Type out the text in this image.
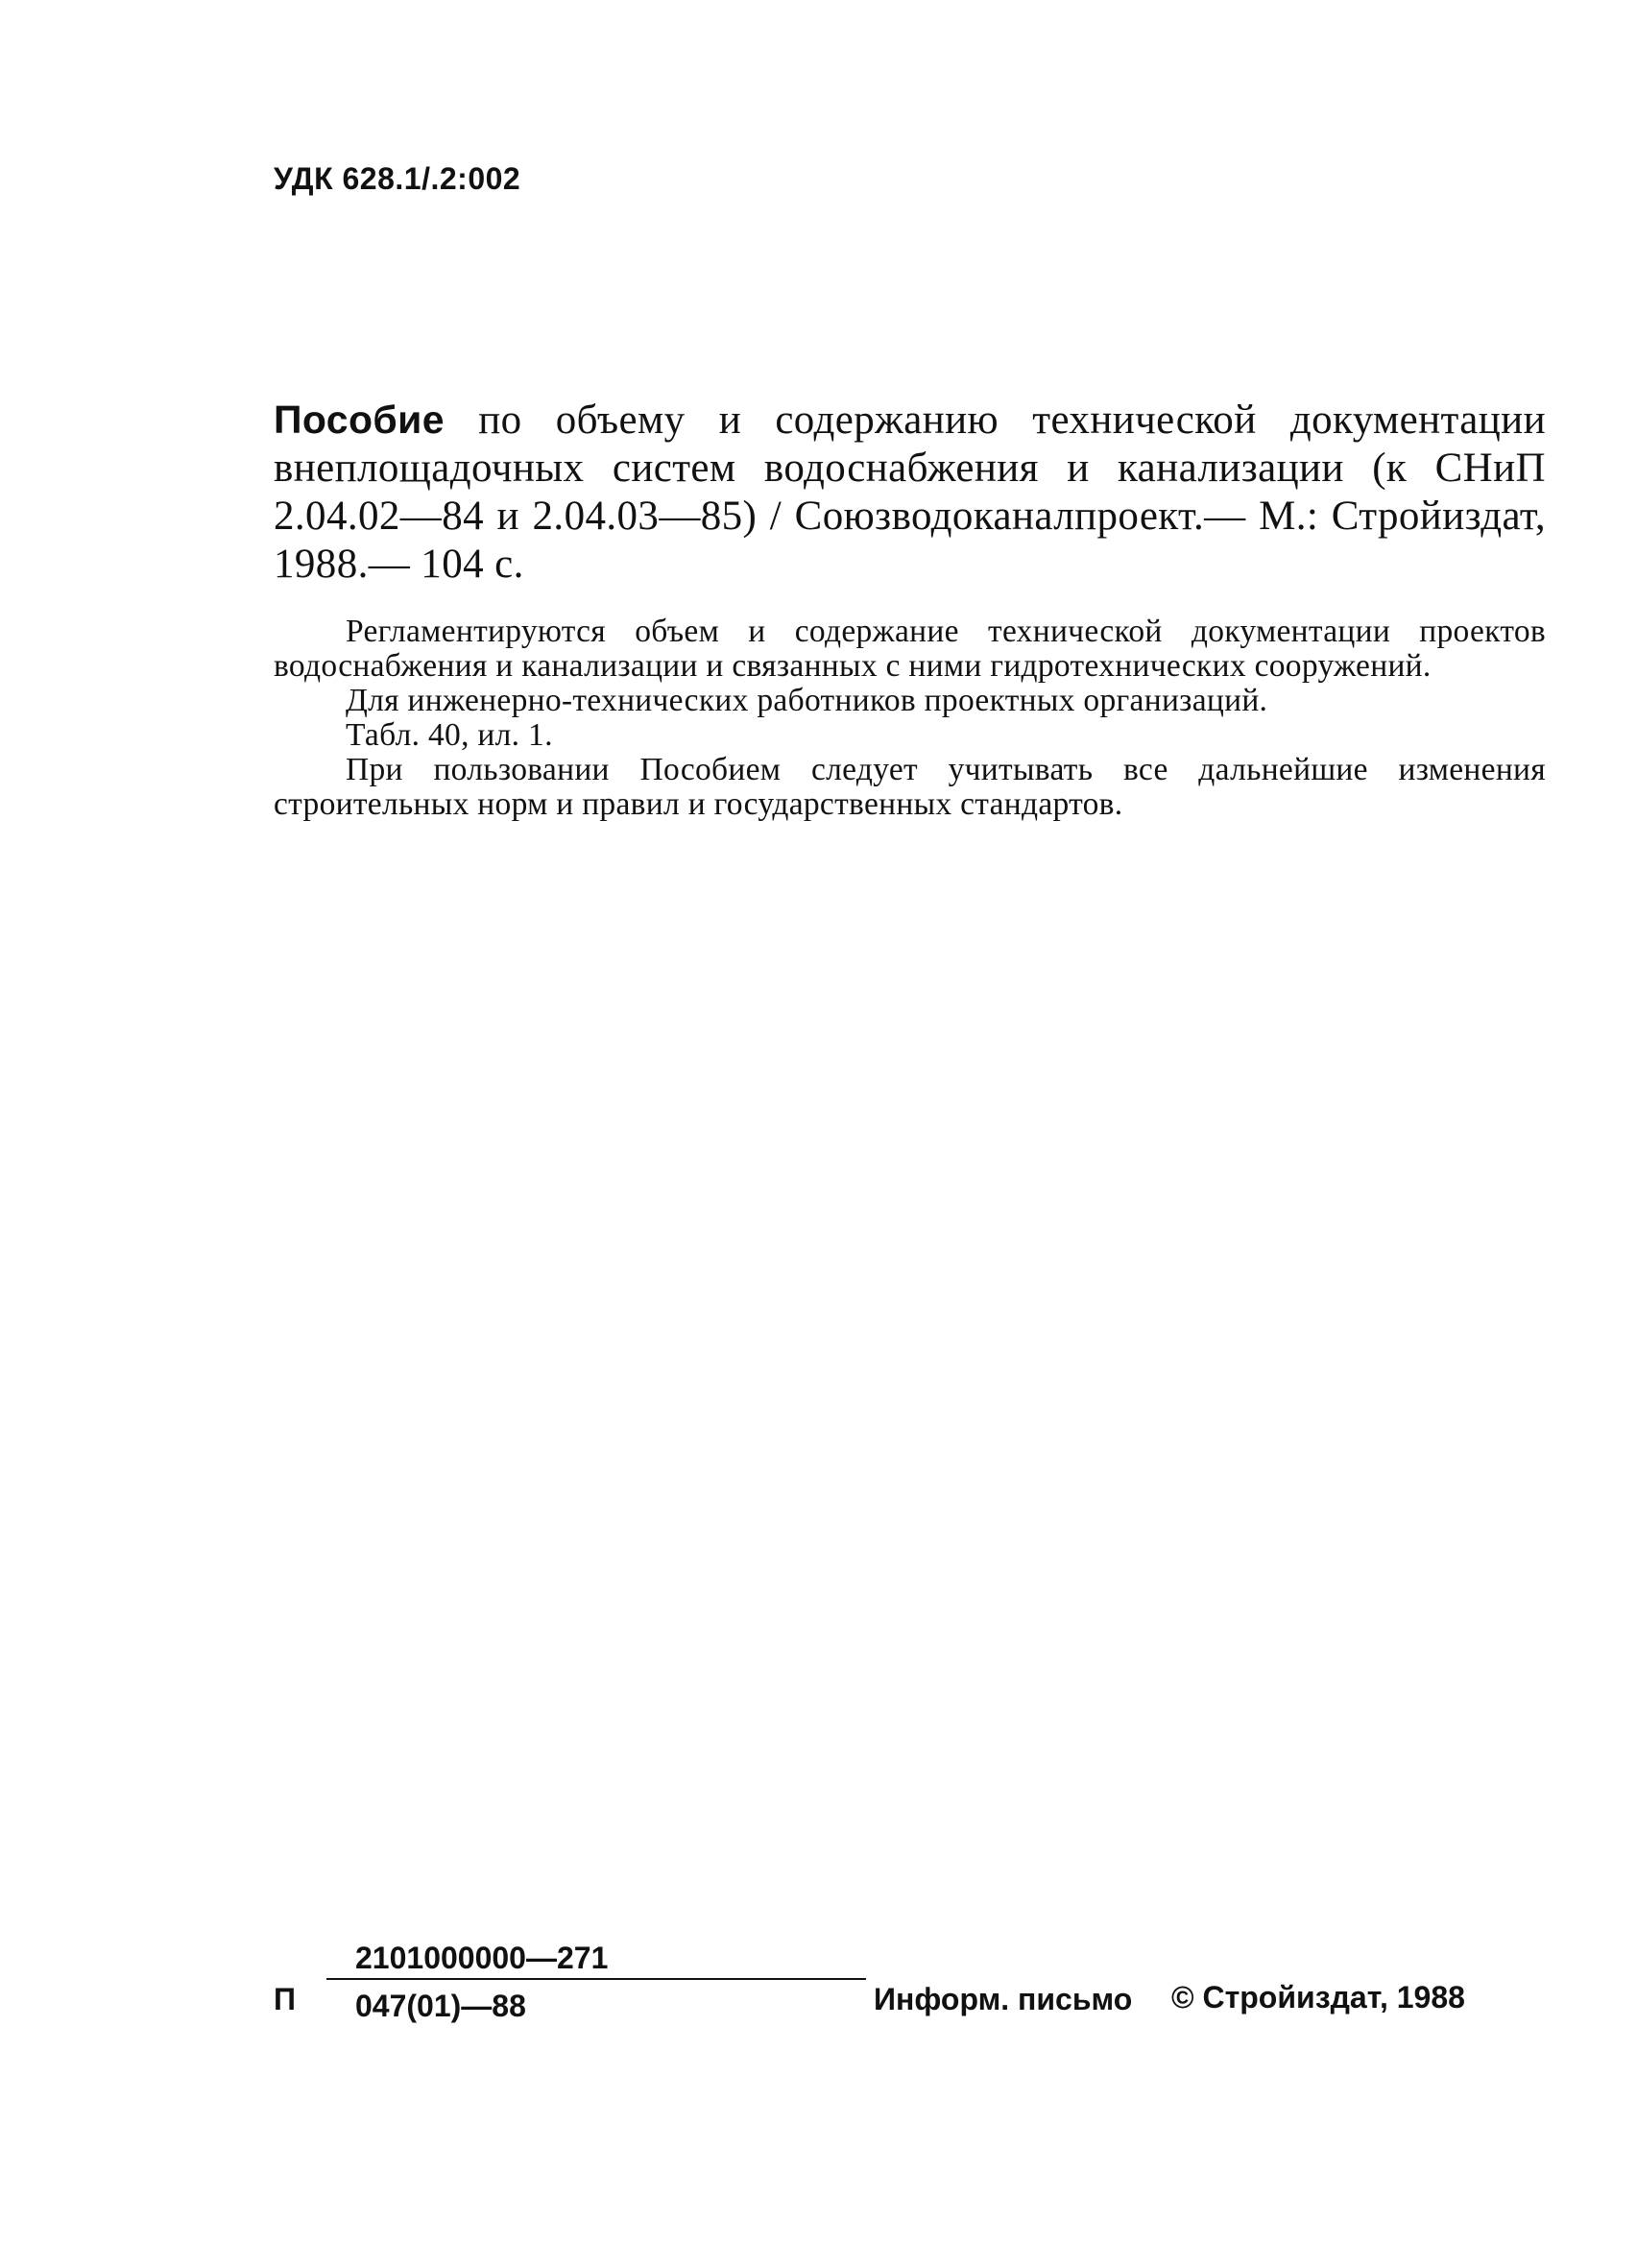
УДК 628.1/.2:002
Пособие по объему и содержанию технической документации внеплощадочных систем водоснабжения и канализации (к СНиП 2.04.02—84 и 2.04.03—85) / Союзводоканалпроект.— М.: Стройиздат, 1988.— 104 с.

Регламентируются объем и содержание технической документации проектов водоснабжения и канализации и связанных с ними гидротехнических сооружений.

Для инженерно-технических работников проектных организаций.

Табл. 40, ил. 1.

При пользовании Пособием следует учитывать все дальнейшие изменения строительных норм и правил и государственных стандартов.

П $\frac{2101000000—271}{047(01)—88}$ Информ. письмо © Стройиздат, 1988
